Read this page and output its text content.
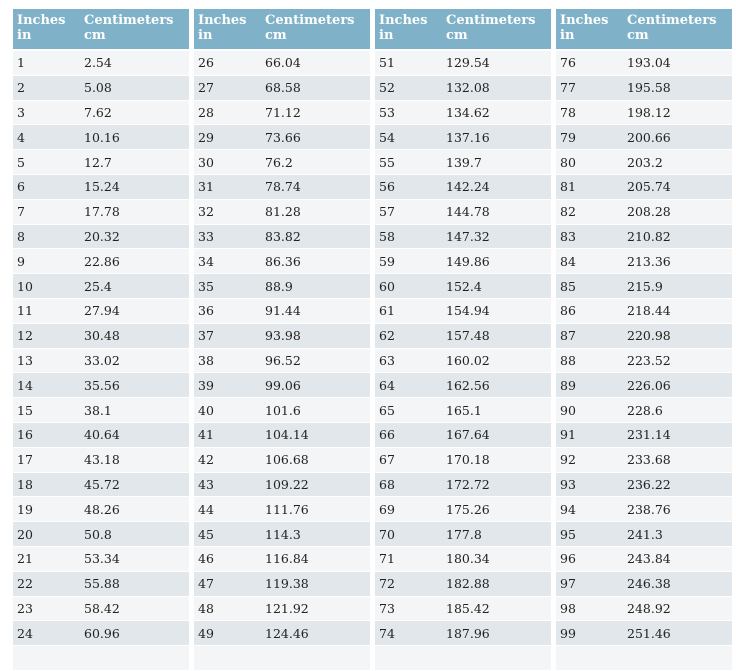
Inches
in	Centimeters
cm

1	2.54
2	5.08
3	7.62
4	10.16
5	12.7
6	15.24
7	17.78
8	20.32
9	22.86
10	25.4
11	27.94
12	30.48
13	33.02
14	35.56
15	38.1
16	40.64
17	43.18
18	45.72
19	48.26
20	50.8
21	53.34
22	55.88
23	58.42
24	60.96

Inches
in	Centimeters
cm

26	66.04
27	68.58
28	71.12
29	73.66
30	76.2
31	78.74
32	81.28
33	83.82
34	86.36
35	88.9
36	91.44
37	93.98
38	96.52
39	99.06
40	101.6
41	104.14
42	106.68
43	109.22
44	111.76
45	114.3
46	116.84
47	119.38
48	121.92
49	124.46

Inches
in	Centimeters
cm

51	129.54
52	132.08
53	134.62
54	137.16
55	139.7
56	142.24
57	144.78
58	147.32
59	149.86
60	152.4
61	154.94
62	157.48
63	160.02
64	162.56
65	165.1
66	167.64
67	170.18
68	172.72
69	175.26
70	177.8
71	180.34
72	182.88
73	185.42
74	187.96

Inches
in	Centimeters
cm

76	193.04
77	195.58
78	198.12
79	200.66
80	203.2
81	205.74
82	208.28
83	210.82
84	213.36
85	215.9
86	218.44
87	220.98
88	223.52
89	226.06
90	228.6
91	231.14
92	233.68
93	236.22
94	238.76
95	241.3
96	243.84
97	246.38
98	248.92
99	251.46
